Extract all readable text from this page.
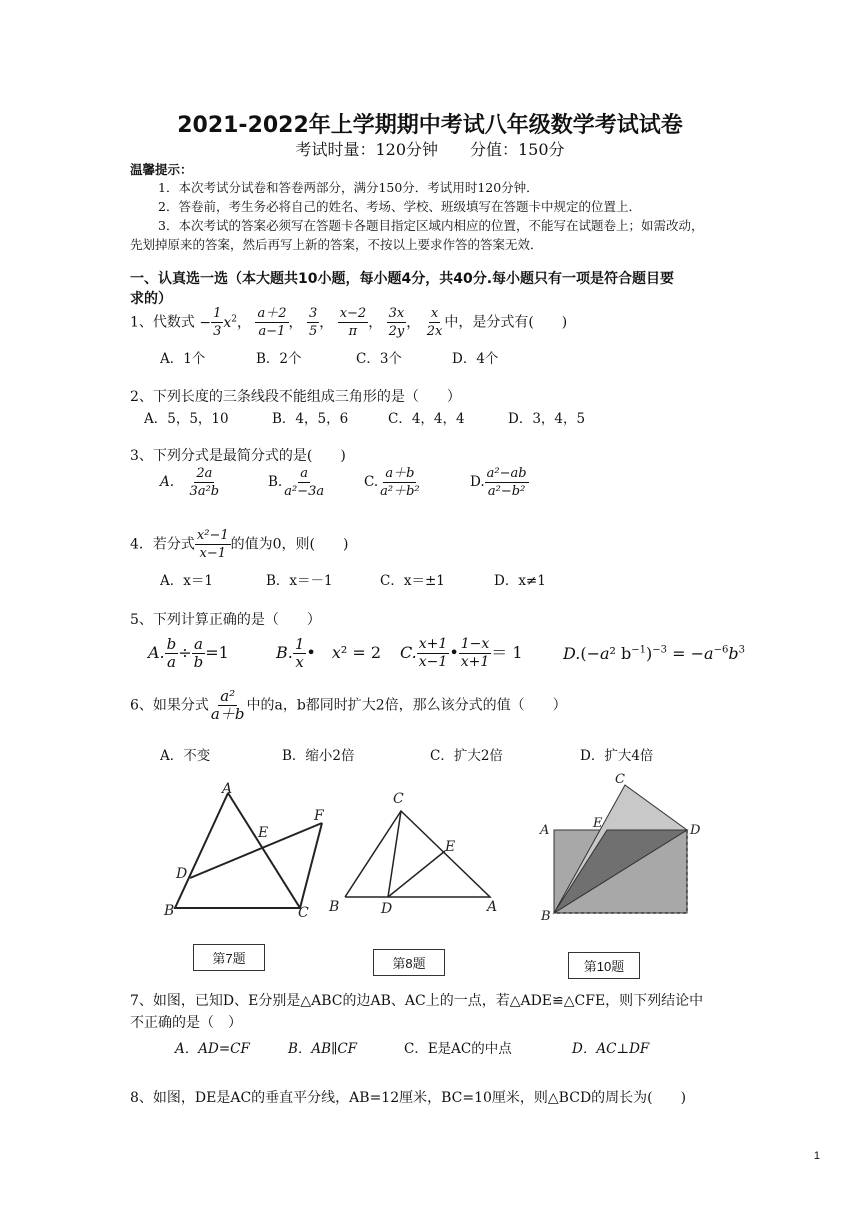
2021-2022年上学期期中考试八年级数学考试试卷
考试时量：120分钟　　分值：150分
温馨提示：
1．本次考试分试卷和答卷两部分，满分150分．考试用时120分钟．
2．答卷前，考生务必将自己的姓名、考场、学校、班级填写在答题卡中规定的位置上．
3．本次考试的答案必须写在答题卡各题目指定区域内相应的位置，不能写在试题卷上；如需改动，
先划掉原来的答案，然后再写上新的答案，不按以上要求作答的答案无效．
一、认真选一选（本大题共10小题，每小题4分，共40分.每小题只有一项是符合题目要
求的）
1、代数式 − $\frac{1}{3} x^2$， $\frac{a+2}{a-1}$ ， $\frac{3}{5}$ ， $\frac{x-2}{\pi}$ ， $\frac{3x}{2y}$ ， $\frac{x}{2x}$ 中，是分式有(　　)
A．1个	B．2个	C．3个	D．4个
2、下列长度的三条线段不能组成三角形的是（　　）
A．5，5，10	B．4，5，6	C．4，4，4	D．3，4，5
3、下列分式是最简分式的是(　　)
A.　 $\frac{2a}{\text{3a²b}}$	B. $\frac{a}{\text{a²−3a}}$	C. $\frac{a+b}{\text{a²＋b²}}$	D. $\frac{\text{a²−ab}}{\text{a²−b²}}$
4．若分式 $\frac{\text{x²−1}}{x-1}$ 的值为0，则(　　)
A．x＝1	B．x＝－1	C．x＝±1	D．x≠1
5、下列计算正确的是（　　）
A. $\frac{b}{a} \div \frac{a}{b} =1$	B. $\frac{1}{x}$ •　x² = 2 C. $\frac{x+1}{x-1}$ • $\frac{1-x}{x+1} = 1$	D.(−a² $b^{-1})^{-3} = -a^{-6}b^3$
6、如果分式 $\frac{\text{a²}}{a+b}$ 中的a，b都同时扩大2倍，那么该分式的值（　　）
A．不变	B．缩小2倍	C．扩大2倍	D．扩大4倍
A
B	C
D
E
F
C
B	D	A
E
C
A	E	D
B
第7题	第8题	第10题
7、如图，已知D、E分别是△ABC的边AB、AC上的一点，若△ADE≌△CFE，则下列结论中
不正确的是（　）
A．AD=CF	B．AB∥CF	C．E是AC的中点	D．AC⊥DF
8、如图，DE是AC的垂直平分线，AB=12厘米，BC=10厘米，则△BCD的周长为(　　)
1
